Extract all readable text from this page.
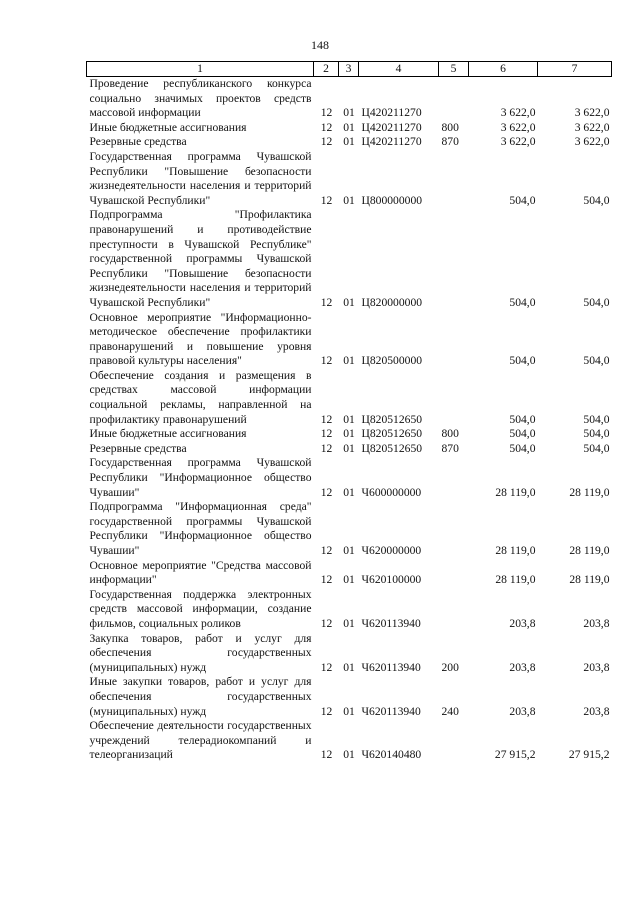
148
1	2	3	4	5	6	7
Проведение республиканского конкурса социально значимых проектов средств массовой информации	12	01	Ц420211270		3 622,0	3 622,0
Иные бюджетные ассигнования	12	01	Ц420211270	800	3 622,0	3 622,0
Резервные средства	12	01	Ц420211270	870	3 622,0	3 622,0
Государственная программа Чувашской Республики "Повышение безопасности жизнедеятельности населения и территорий Чувашской Республики"	12	01	Ц800000000		504,0	504,0
Подпрограмма "Профилактика правонарушений и противодействие преступности в Чувашской Республике" государственной программы Чувашской Республики "Повышение безопасности жизнедеятельности населения и территорий Чувашской Республики"	12	01	Ц820000000		504,0	504,0
Основное мероприятие "Информационно-методическое обеспечение профилактики правонарушений и повышение уровня правовой культуры населения"	12	01	Ц820500000		504,0	504,0
Обеспечение создания и размещения в средствах массовой информации социальной рекламы, направленной на профилактику правонарушений	12	01	Ц820512650		504,0	504,0
Иные бюджетные ассигнования	12	01	Ц820512650	800	504,0	504,0
Резервные средства	12	01	Ц820512650	870	504,0	504,0
Государственная программа Чувашской Республики "Информационное общество Чувашии"	12	01	Ч600000000		28 119,0	28 119,0
Подпрограмма "Информационная среда" государственной программы Чувашской Республики "Информационное общество Чувашии"	12	01	Ч620000000		28 119,0	28 119,0
Основное мероприятие "Средства массовой информации"	12	01	Ч620100000		28 119,0	28 119,0
Государственная поддержка электронных средств массовой информации, создание фильмов, социальных роликов	12	01	Ч620113940		203,8	203,8
Закупка товаров, работ и услуг для обеспечения государственных (муниципальных) нужд	12	01	Ч620113940	200	203,8	203,8
Иные закупки товаров, работ и услуг для обеспечения государственных (муниципальных) нужд	12	01	Ч620113940	240	203,8	203,8
Обеспечение деятельности государственных учреждений телерадиокомпаний и телеорганизаций	12	01	Ч620140480		27 915,2	27 915,2
